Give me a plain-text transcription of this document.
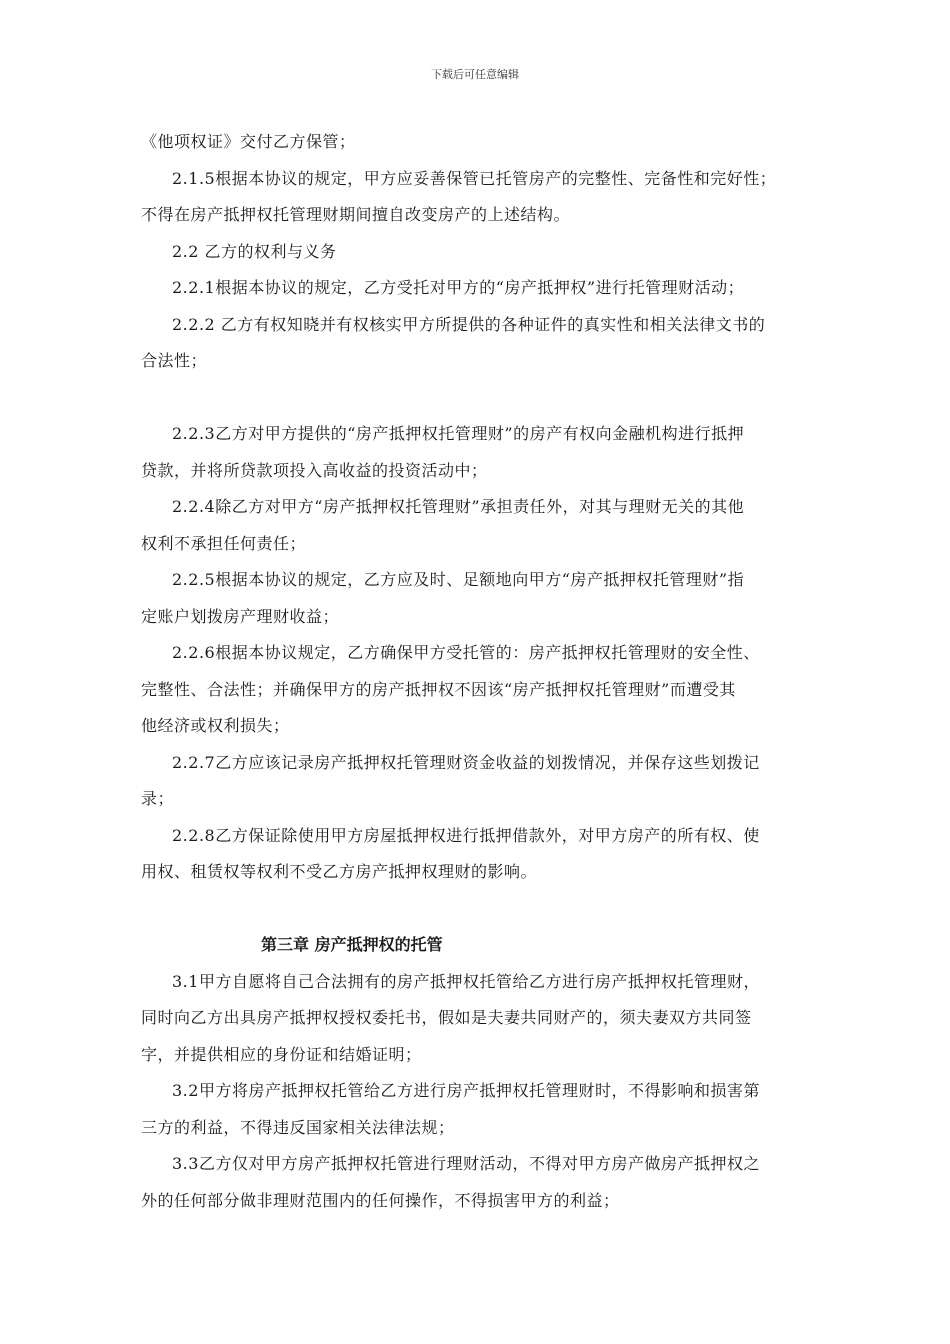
下载后可任意编辑
《他项权证》交付乙方保管；
2.1.5根据本协议的规定，甲方应妥善保管已托管房产的完整性、完备性和完好性；
不得在房产抵押权托管理财期间擅自改变房产的上述结构。
2.2 乙方的权利与义务
2.2.1根据本协议的规定，乙方受托对甲方的“房产抵押权”进行托管理财活动；
2.2.2 乙方有权知晓并有权核实甲方所提供的各种证件的真实性和相关法律文书的
合法性；
2.2.3乙方对甲方提供的“房产抵押权托管理财”的房产有权向金融机构进行抵押
贷款，并将所贷款项投入高收益的投资活动中；
2.2.4除乙方对甲方“房产抵押权托管理财”承担责任外，对其与理财无关的其他
权利不承担任何责任；
2.2.5根据本协议的规定，乙方应及时、足额地向甲方“房产抵押权托管理财”指
定账户划拨房产理财收益；
2.2.6根据本协议规定，乙方确保甲方受托管的：房产抵押权托管理财的安全性、
完整性、合法性；并确保甲方的房产抵押权不因该“房产抵押权托管理财”而遭受其
他经济或权利损失；
2.2.7乙方应该记录房产抵押权托管理财资金收益的划拨情况，并保存这些划拨记
录；
2.2.8乙方保证除使用甲方房屋抵押权进行抵押借款外，对甲方房产的所有权、使
用权、租赁权等权利不受乙方房产抵押权理财的影响。
第三章 房产抵押权的托管
3.1甲方自愿将自己合法拥有的房产抵押权托管给乙方进行房产抵押权托管理财，
同时向乙方出具房产抵押权授权委托书，假如是夫妻共同财产的，须夫妻双方共同签
字，并提供相应的身份证和结婚证明；
3.2甲方将房产抵押权托管给乙方进行房产抵押权托管理财时，不得影响和损害第
三方的利益，不得违反国家相关法律法规；
3.3乙方仅对甲方房产抵押权托管进行理财活动，不得对甲方房产做房产抵押权之
外的任何部分做非理财范围内的任何操作，不得损害甲方的利益；
